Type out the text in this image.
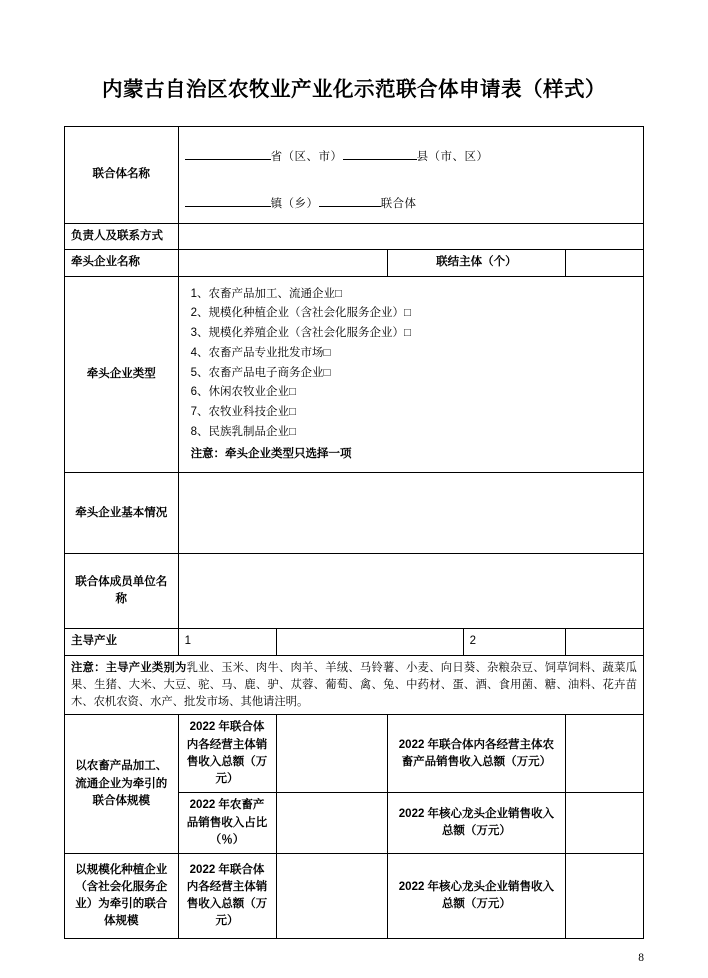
内蒙古自治区农牧业产业化示范联合体申请表（样式）
联合体名称	省（区、市） 县（市、区）
镇（乡） 联合体				

负责人及联系方式					
牵头企业名称			联结主体（个）		
牵头企业类型	
1、农畜产品加工、流通企业□
2、规模化种植企业（含社会化服务企业）□
3、规模化养殖企业（含社会化服务企业）□
4、农畜产品专业批发市场□
5、农畜产品电子商务企业□
6、休闲农牧业企业□
7、农牧业科技企业□
8、民族乳制品企业□
注意：牵头企业类型只选择一项

牵头企业基本情况					
联合体成员单位名称					
主导产业	1			2	
注意：主导产业类别为乳业、玉米、肉牛、肉羊、羊绒、马铃薯、小麦、向日葵、杂粮杂豆、饲草饲料、蔬菜瓜果、生猪、大米、大豆、驼、马、鹿、驴、苁蓉、葡萄、禽、兔、中药材、蛋、酒、食用菌、糖、油料、花卉苗木、农机农资、水产、批发市场、其他请注明。					
以农畜产品加工、流通企业为牵引的联合体规模	2022 年联合体内各经营主体销售收入总额（万元）		2022 年联合体内各经营主体农畜产品销售收入总额（万元）		
	2022 年农畜产品销售收入占比（％）		2022 年核心龙头企业销售收入总额（万元）		
以规模化种植企业（含社会化服务企业）为牵引的联合体规模	2022 年联合体内各经营主体销售收入总额（万元）		2022 年核心龙头企业销售收入总额（万元）		
8
